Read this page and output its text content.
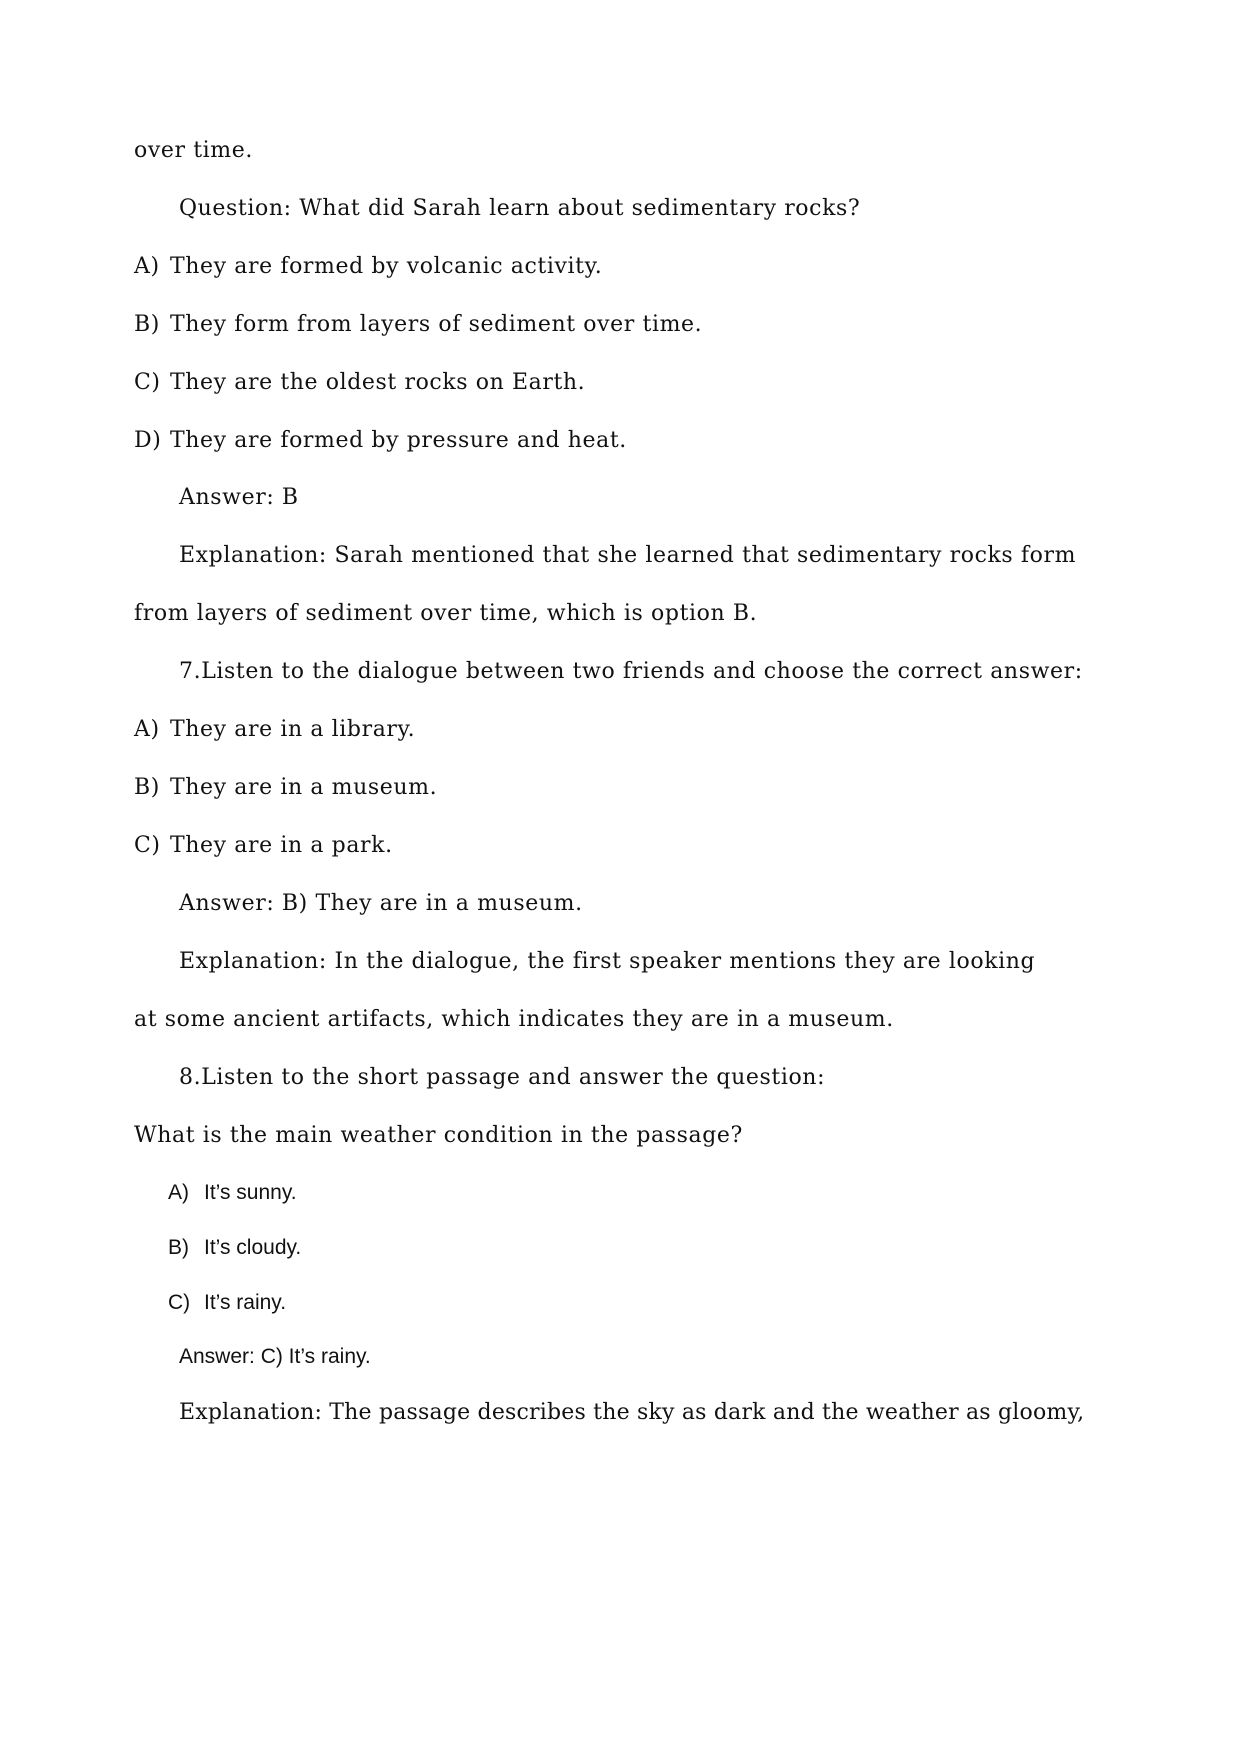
over time.
Question: What did Sarah learn about sedimentary rocks?
A) They are formed by volcanic activity.
B) They form from layers of sediment over time.
C) They are the oldest rocks on Earth.
D) They are formed by pressure and heat.
Answer: B
Explanation: Sarah mentioned that she learned that sedimentary rocks form
from layers of sediment over time, which is option B.
7.Listen to the dialogue between two friends and choose the correct answer:
A) They are in a library.
B) They are in a museum.
C) They are in a park.
Answer: B) They are in a museum.
Explanation: In the dialogue, the first speaker mentions they are looking
at some ancient artifacts, which indicates they are in a museum.
8.Listen to the short passage and answer the question:
What is the main weather condition in the passage?
A) It’s sunny.
B) It’s cloudy.
C) It’s rainy.
Answer: C) It’s rainy.
Explanation: The passage describes the sky as dark and the weather as gloomy,
